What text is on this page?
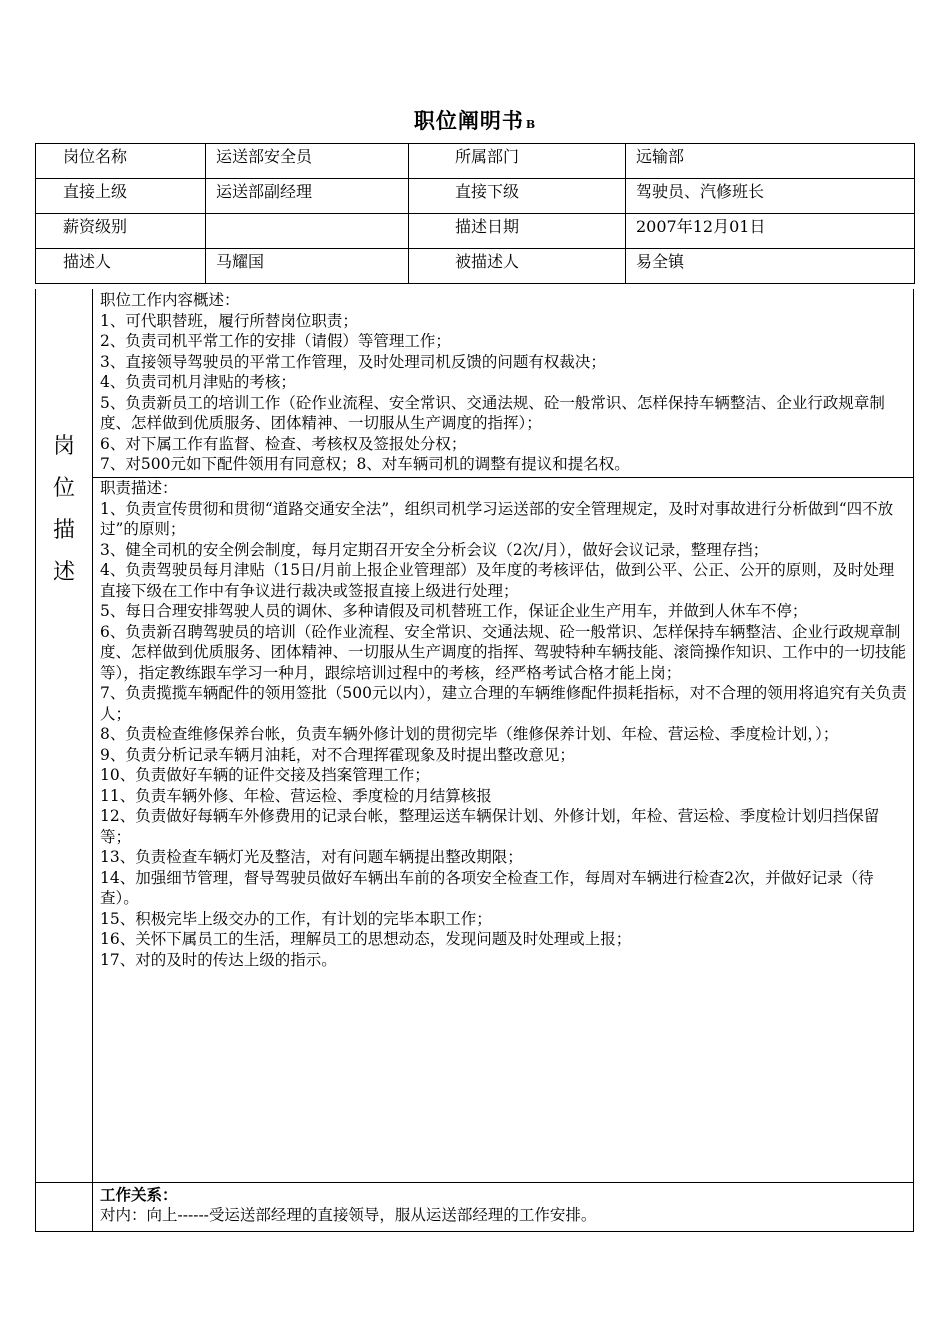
职位阐明书 B
岗位名称	运送部安全员	所属部门	远输部
直接上级	运送部副经理	直接下级	驾驶员、汽修班长
薪资级别		描述日期	2007年12月01日
描述人	马耀国	被描述人	易全镇
岗
位
描
述

职位工作内容概述：

1、可代职替班，履行所替岗位职责；

2、负责司机平常工作的安排（请假）等管理工作；

3、直接领导驾驶员的平常工作管理，及时处理司机反馈的问题有权裁决；

4、负责司机月津贴的考核；

5、负责新员工的培训工作（砼作业流程、安全常识、交通法规、砼一般常识、怎样保持车辆整洁、企业行政规章制度、怎样做到优质服务、团体精神、一切服从生产调度的指挥）；

6、对下属工作有监督、检查、考核权及签报处分权；

7、对500元如下配件领用有同意权；8、对车辆司机的调整有提议和提名权。

职责描述：

1、负责宣传贯彻和贯彻“道路交通安全法”，组织司机学习运送部的安全管理规定，及时对事故进行分析做到“四不放过”的原则；

3、健全司机的安全例会制度，每月定期召开安全分析会议（2次/月），做好会议记录，整理存挡；

4、负责驾驶员每月津贴（15日/月前上报企业管理部）及年度的考核评估，做到公平、公正、公开的原则，及时处理直接下级在工作中有争议进行裁决或签报直接上级进行处理；

5、每日合理安排驾驶人员的调休、多种请假及司机替班工作，保证企业生产用车，并做到人休车不停；

6、负责新召聘驾驶员的培训（砼作业流程、安全常识、交通法规、砼一般常识、怎样保持车辆整洁、企业行政规章制度、怎样做到优质服务、团体精神、一切服从生产调度的指挥、驾驶特种车辆技能、滚筒操作知识、工作中的一切技能等），指定教练跟车学习一种月，跟综培训过程中的考核，经严格考试合格才能上岗；

7、负责揽揽车辆配件的领用签批（500元以内），建立合理的车辆维修配件损耗指标，对不合理的领用将追究有关负责人；

8、负责检查维修保养台帐，负责车辆外修计划的贯彻完毕（维修保养计划、年检、营运检、季度检计划，）；

9、负责分析记录车辆月油耗，对不合理挥霍现象及时提出整改意见；

10、负责做好车辆的证件交接及挡案管理工作；

11、负责车辆外修、年检、营运检、季度检的月结算核报

12、负责做好每辆车外修费用的记录台帐，整理运送车辆保计划、外修计划，年检、营运检、季度检计划归挡保留等；

13、负责检查车辆灯光及整洁，对有问题车辆提出整改期限；

14、加强细节管理，督导驾驶员做好车辆出车前的各项安全检查工作，每周对车辆进行检查2次，并做好记录（待查）。

15、积极完毕上级交办的工作，有计划的完毕本职工作；

16、关怀下属员工的生活，理解员工的思想动态，发现问题及时处理或上报；

17、对的及时的传达上级的指示。

工作关系：
对内：向上------受运送部经理的直接领导，服从运送部经理的工作安排。
